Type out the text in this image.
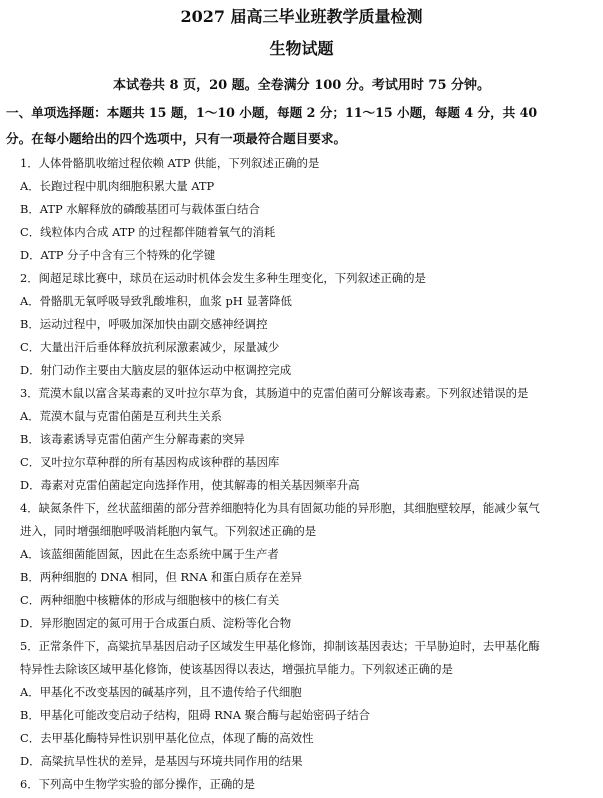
2027 届高三毕业班教学质量检测
生物试题
本试卷共 8 页，20 题。全卷满分 100 分。考试用时 75 分钟。
一、单项选择题：本题共 15 题，1～10 小题，每题 2 分；11～15 小题，每题 4 分，共 40
分。在每小题给出的四个选项中，只有一项最符合题目要求。
1．人体骨骼肌收缩过程依赖 ATP 供能，下列叙述正确的是
A．长跑过程中肌肉细胞积累大量 ATP
B．ATP 水解释放的磷酸基团可与载体蛋白结合
C．线粒体内合成 ATP 的过程都伴随着氧气的消耗
D．ATP 分子中含有三个特殊的化学键
2．闽超足球比赛中，球员在运动时机体会发生多种生理变化，下列叙述正确的是
A．骨骼肌无氧呼吸导致乳酸堆积，血浆 pH 显著降低
B．运动过程中，呼吸加深加快由副交感神经调控
C．大量出汗后垂体释放抗利尿激素减少，尿量减少
D．射门动作主要由大脑皮层的躯体运动中枢调控完成
3．荒漠木鼠以富含某毒素的叉叶拉尔草为食，其肠道中的克雷伯菌可分解该毒素。下列叙述错误的是
A．荒漠木鼠与克雷伯菌是互利共生关系
B．该毒素诱导克雷伯菌产生分解毒素的突异
C．叉叶拉尔草种群的所有基因构成该种群的基因库
D．毒素对克雷伯菌起定向选择作用，使其解毒的相关基因频率升高
4．缺氮条件下，丝状蓝细菌的部分营养细胞特化为具有固氮功能的异形胞，其细胞壁较厚，能减少氧气
进入，同时增强细胞呼吸消耗胞内氧气。下列叙述正确的是
A．该蓝细菌能固氮，因此在生态系统中属于生产者
B．两种细胞的 DNA 相同，但 RNA 和蛋白质存在差异
C．两种细胞中核糖体的形成与细胞核中的核仁有关
D．异形胞固定的氮可用于合成蛋白质、淀粉等化合物
5．正常条件下，高粱抗旱基因启动子区域发生甲基化修饰，抑制该基因表达；干旱胁迫时，去甲基化酶
特异性去除该区域甲基化修饰，使该基因得以表达，增强抗旱能力。下列叙述正确的是
A．甲基化不改变基因的碱基序列，且不遗传给子代细胞
B．甲基化可能改变启动子结构，阻碍 RNA 聚合酶与起始密码子结合
C．去甲基化酶特异性识别甲基化位点，体现了酶的高效性
D．高粱抗旱性状的差异，是基因与环境共同作用的结果
6．下列高中生物学实验的部分操作，正确的是
